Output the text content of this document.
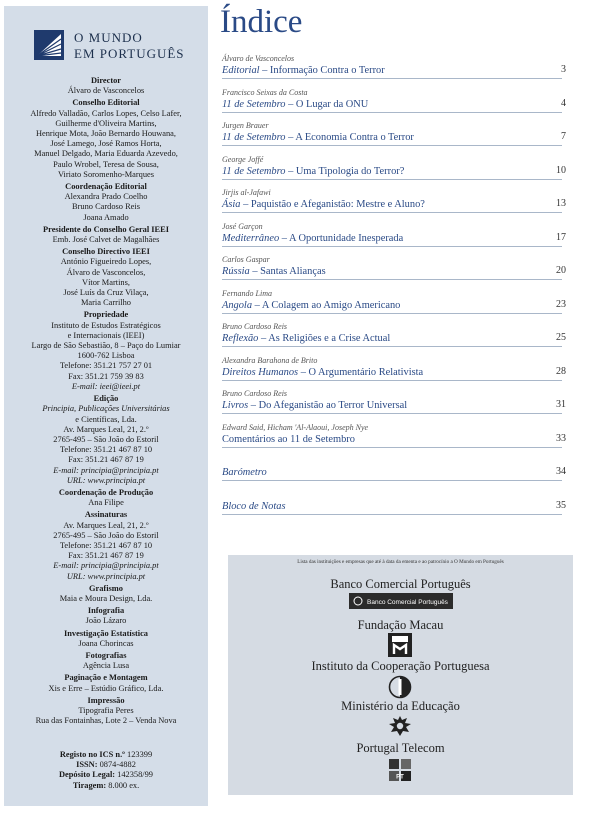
O MUNDO
EM PORTUGUÊS
Director
Álvaro de Vasconcelos
Conselho Editorial
Alfredo Valladão, Carlos Lopes, Celso Lafer,
Guilherme d'Oliveira Martins,
Henrique Mota, João Bernardo Houwana,
José Lamego, José Ramos Horta,
Manuel Delgado, Maria Eduarda Azevedo,
Paulo Wrobel, Teresa de Sousa,
Viriato Soromenho-Marques
Coordenação Editorial
Alexandra Prado Coelho
Bruno Cardoso Reis
Joana Amado
Presidente do Conselho Geral IEEI
Emb. José Calvet de Magalhães
Conselho Directivo IEEI
António Figueiredo Lopes,
Álvaro de Vasconcelos,
Vítor Martins,
José Luís da Cruz Vilaça,
Maria Carrilho
Propriedade
Instituto de Estudos Estratégicos
e Internacionais (IEEI)
Largo de São Sebastião, 8 – Paço do Lumiar
1600-762 Lisboa
Telefone: 351.21 757 27 01
Fax: 351.21 759 39 83
E-mail: ieei@ieei.pt
Edição
Principia, Publicações Universitárias
e Científicas, Lda.
Av. Marques Leal, 21, 2.º
2765-495 – São João do Estoril
Telefone: 351.21 467 87 10
Fax: 351.21 467 87 19
E-mail: principia@principia.pt
URL: www.principia.pt
Coordenação de Produção
Ana Filipe
Assinaturas
Av. Marques Leal, 21, 2.º
2765-495 – São João do Estoril
Telefone: 351.21 467 87 10
Fax: 351.21 467 87 19
E-mail: principia@principia.pt
URL: www.principia.pt
Grafismo
Maia e Moura Design, Lda.
Infografia
João Lázaro
Investigação Estatística
Joana Chorincas
Fotografias
Agência Lusa
Paginação e Montagem
Xis e Erre – Estúdio Gráfico, Lda.
Impressão
Tipografia Peres
Rua das Fontainhas, Lote 2 – Venda Nova
Registo no ICS n.º 123399
ISSN: 0874-4882
Depósito Legal: 142358/99
Tiragem: 8.000 ex.
Índice
Álvaro de Vasconcelos
Editorial – Informação Contra o Terror	3
Francisco Seixas da Costa
11 de Setembro – O Lugar da ONU	4
Jurgen Brauer
11 de Setembro – A Economia Contra o Terror	7
George Joffé
11 de Setembro – Uma Tipologia do Terror?	10
Jirjis al-Jafawi
Ásia – Paquistão e Afeganistão: Mestre e Aluno?	13
José Garçon
Mediterrâneo – A Oportunidade Inesperada	17
Carlos Gaspar
Rússia – Santas Alianças	20
Fernando Lima
Angola – A Colagem ao Amigo Americano	23
Bruno Cardoso Reis
Reflexão – As Religiões e a Crise Actual	25
Alexandra Barahona de Brito
Direitos Humanos – O Argumentário Relativista	28
Bruno Cardoso Reis
Livros – Do Afeganistão ao Terror Universal	31
Edward Said, Hicham 'Al-Alaoui, Joseph Nye
Comentários ao 11 de Setembro	33
Barómetro	34
Bloco de Notas	35
Lista das instituições e empresas que até à data da ementa e ao patrocínio a O Mundo em Português
Banco Comercial Português
Banco Comercial Português
Fundação Macau
Instituto da Cooperação Portuguesa
Ministério da Educação
Portugal Telecom
PT
